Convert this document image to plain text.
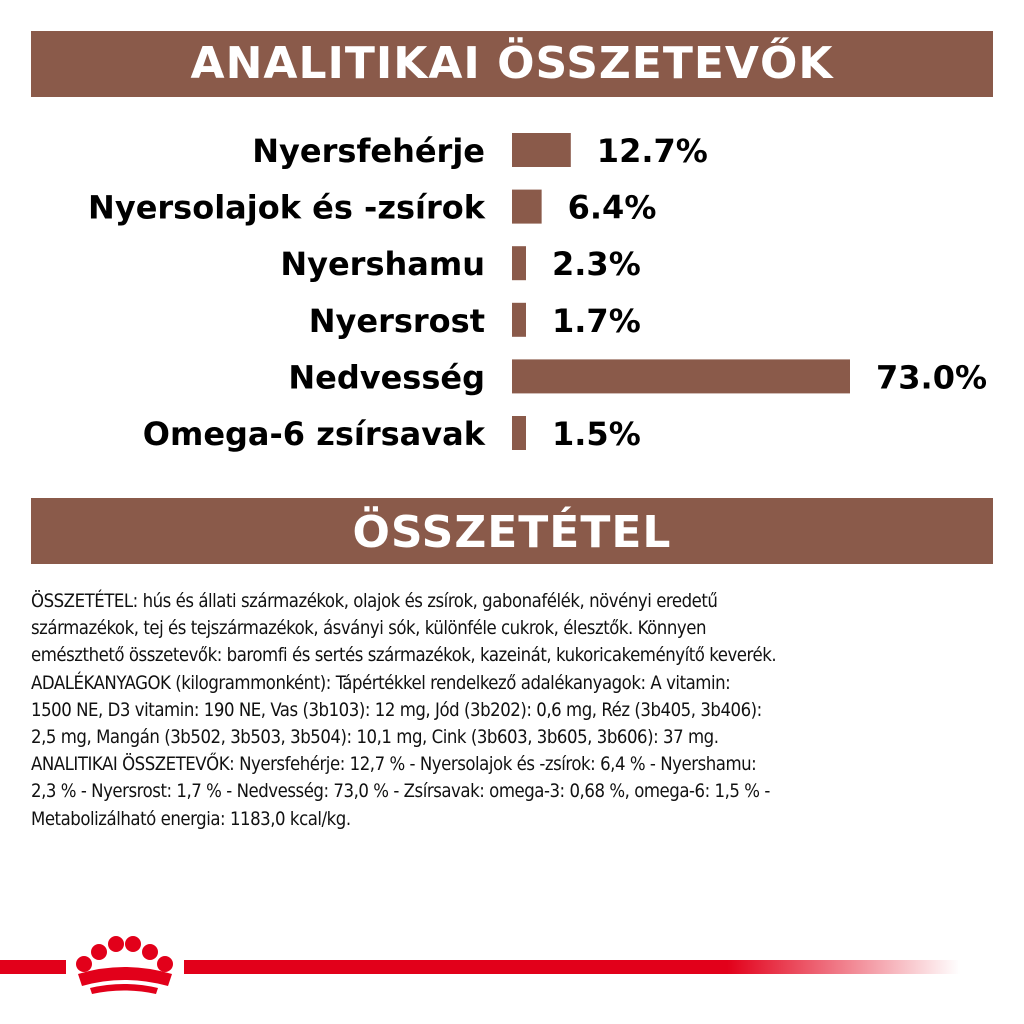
ANALITIKAI ÖSSZETEVŐK
Nyersfehérje	12.7%
Nyersolajok és -zsírok	6.4%
Nyershamu 2.3%
Nyersrost 1.7%
Nedvesség	73.0%
Omega-6 zsírsavak 1.5%
ÖSSZETÉTEL
ÖSSZETÉTEL: hús és állati származékok, olajok és zsírok, gabonafélék, növényi eredetű
származékok, tej és tejszármazékok, ásványi sók, különféle cukrok, élesztők. Könnyen
emészthető összetevők: baromfi és sertés származékok, kazeinát, kukoricakeményítő keverék.
ADALÉKANYAGOK (kilogrammonként): Tápértékkel rendelkező adalékanyagok: A vitamin:
1500 NE, D3 vitamin: 190 NE, Vas (3b103): 12 mg, Jód (3b202): 0,6 mg, Réz (3b405, 3b406):
2,5 mg, Mangán (3b502, 3b503, 3b504): 10,1 mg, Cink (3b603, 3b605, 3b606): 37 mg.
ANALITIKAI ÖSSZETEVŐK: Nyersfehérje: 12,7 % - Nyersolajok és -zsírok: 6,4 % - Nyershamu:
2,3 % - Nyersrost: 1,7 % - Nedvesség: 73,0 % - Zsírsavak: omega-3: 0,68 %, omega-6: 1,5 % -
Metabolizálható energia: 1183,0 kcal/kg.
